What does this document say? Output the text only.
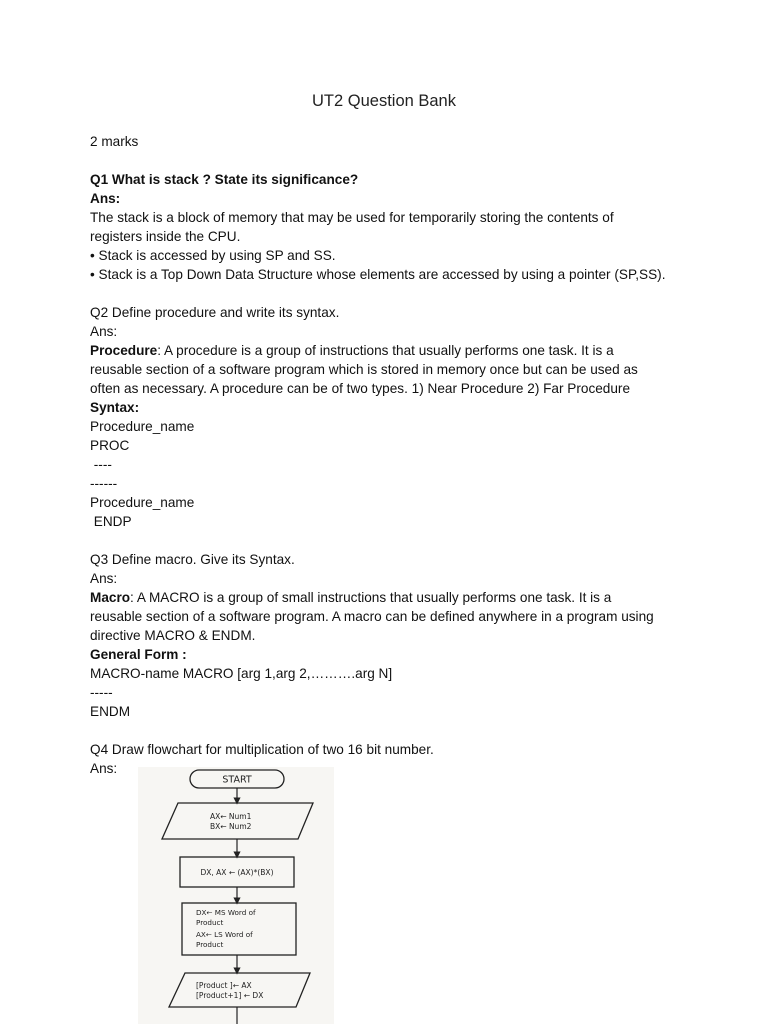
UT2 Question Bank

2 marks

Q1 What is stack ? State its significance?

Ans:

The stack is a block of memory that may be used for temporarily storing the contents of

registers inside the CPU.

• Stack is accessed by using SP and SS.

• Stack is a Top Down Data Structure whose elements are accessed by using a pointer (SP,SS).

Q2 Define procedure and write its syntax.

Ans:

Procedure: A procedure is a group of instructions that usually performs one task. It is a

reusable section of a software program which is stored in memory once but can be used as

often as necessary. A procedure can be of two types. 1) Near Procedure 2) Far Procedure

Syntax:

Procedure_name

PROC

----

------

Procedure_name

ENDP

Q3 Define macro. Give its Syntax.

Ans:

Macro: A MACRO is a group of small instructions that usually performs one task. It is a

reusable section of a software program. A macro can be defined anywhere in a program using

directive MACRO & ENDM.

General Form :

MACRO-name MACRO [arg 1,arg 2,……….arg N]

-----

ENDM

Q4 Draw flowchart for multiplication of two 16 bit number.

Ans:

START
AX← Num1
BX← Num2
DX, AX ← (AX)*(BX)
DX← MS Word of
Product
AX← LS Word of
Product
[Product ]← AX
[Product+1] ← DX
